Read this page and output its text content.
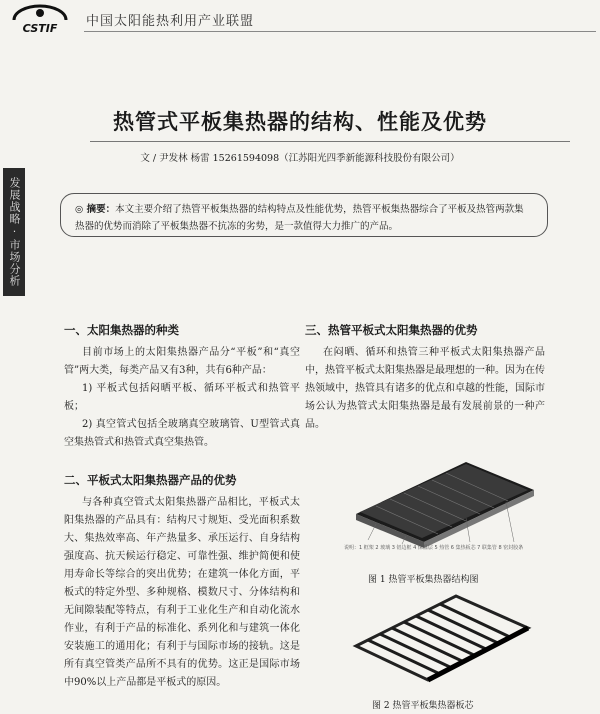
CSTIF 中国太阳能热利用产业联盟
发展战略·市场分析
热管式平板集热器的结构、性能及优势
文 / 尹发林 杨雷 15261594098（江苏阳光四季新能源科技股份有限公司）
◎ 摘要：本文主要介绍了热管平板集热器的结构特点及性能优势，热管平板集热器综合了平板及热管两款集热器的优势而消除了平板集热器不抗冻的劣势，是一款值得大力推广的产品。
一、太阳集热器的种类

目前市场上的太阳集热器产品分“平板”和“真空管”两大类，每类产品又有3种，共有6种产品：

1) 平板式包括闷晒平板、循环平板式和热管平板；

2) 真空管式包括全玻璃真空玻璃管、U型管式真空集热管式和热管式真空集热管。

二、平板式太阳集热器产品的优势

与各种真空管式太阳集热器产品相比，平板式太阳集热器的产品具有：结构尺寸规矩、受光面积系数大、集热效率高、年产热量多、承压运行、自身结构强度高、抗天候运行稳定、可靠性强、维护简便和使用寿命长等综合的突出优势；在建筑一体化方面，平板式的特定外型、多种规格、模数尺寸、分体结构和无间隙装配等特点，有利于工业化生产和自动化流水作业，有利于产品的标准化、系列化和与建筑一体化安装施工的通用化；有利于与国际市场的接轨。这是所有真空管类产品所不具有的优势。这正是国际市场中90%以上产品都是平板式的原因。

三、热管平板式太阳集热器的优势

在闷晒、循环和热管三种平板式太阳集热器产品中，热管平板式太阳集热器是最理想的一种。因为在传热领域中，热管具有诸多的优点和卓越的性能，国际市场公认为热管式太阳集热器是最有发展前景的一种产品。

说明：1 框架 2 玻璃 3 铝边框 4 保温层 5 热管 6 集热板芯 7 联集管 8 密封胶条
图 1 热管平板集热器结构图
图 2 热管平板集热器板芯
